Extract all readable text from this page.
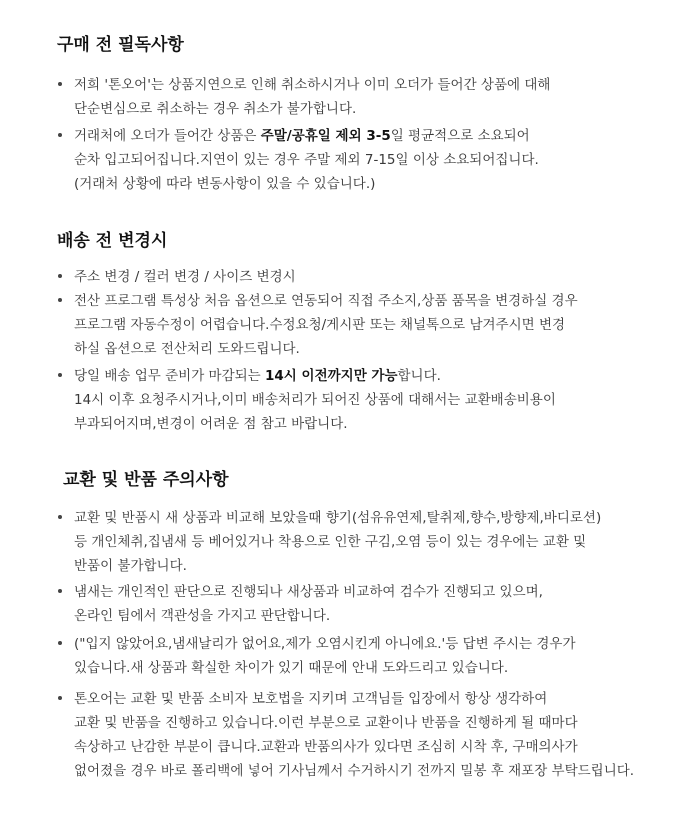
구매 전 필독사항
저희 '톤오어'는 상품지연으로 인해 취소하시거나 이미 오더가 들어간 상품에 대해
단순변심으로 취소하는 경우 취소가 불가합니다.
거래처에 오더가 들어간 상품은 주말/공휴일 제외 3-5일 평균적으로 소요되어
순차 입고되어집니다.지연이 있는 경우 주말 제외 7-15일 이상 소요되어집니다.
(거래처 상황에 따라 변동사항이 있을 수 있습니다.)
배송 전 변경시
주소 변경 / 컬러 변경 / 사이즈 변경시
전산 프로그램 특성상 처음 옵션으로 연동되어 직접 주소지,상품 품목을 변경하실 경우
프로그램 자동수정이 어렵습니다.수정요청/게시판 또는 채널톡으로 남겨주시면 변경
하실 옵션으로 전산처리 도와드립니다.
당일 배송 업무 준비가 마감되는 14시 이전까지만 가능합니다.
14시 이후 요청주시거나,이미 배송처리가 되어진 상품에 대해서는 교환배송비용이
부과되어지며,변경이 어려운 점 참고 바랍니다.
교환 및 반품 주의사항
교환 및 반품시 새 상품과 비교해 보았을때 향기(섬유유연제,탈취제,향수,방향제,바디로션)
등 개인체취,집냄새 등 베어있거나 착용으로 인한 구김,오염 등이 있는 경우에는 교환 및
반품이 불가합니다.
냄새는 개인적인 판단으로 진행되나 새상품과 비교하여 검수가 진행되고 있으며,
온라인 팀에서 객관성을 가지고 판단합니다.
("입지 않았어요,냄새날리가 없어요,제가 오염시킨게 아니에요.'등 답변 주시는 경우가
있습니다.새 상품과 확실한 차이가 있기 때문에 안내 도와드리고 있습니다.
톤오어는 교환 및 반품 소비자 보호법을 지키며 고객님들 입장에서 항상 생각하여
교환 및 반품을 진행하고 있습니다.이런 부분으로 교환이나 반품을 진행하게 될 때마다
속상하고 난감한 부분이 큽니다.교환과 반품의사가 있다면 조심히 시착 후, 구매의사가
없어졌을 경우 바로 폴리백에 넣어 기사님께서 수거하시기 전까지 밀봉 후 재포장 부탁드립니다.
